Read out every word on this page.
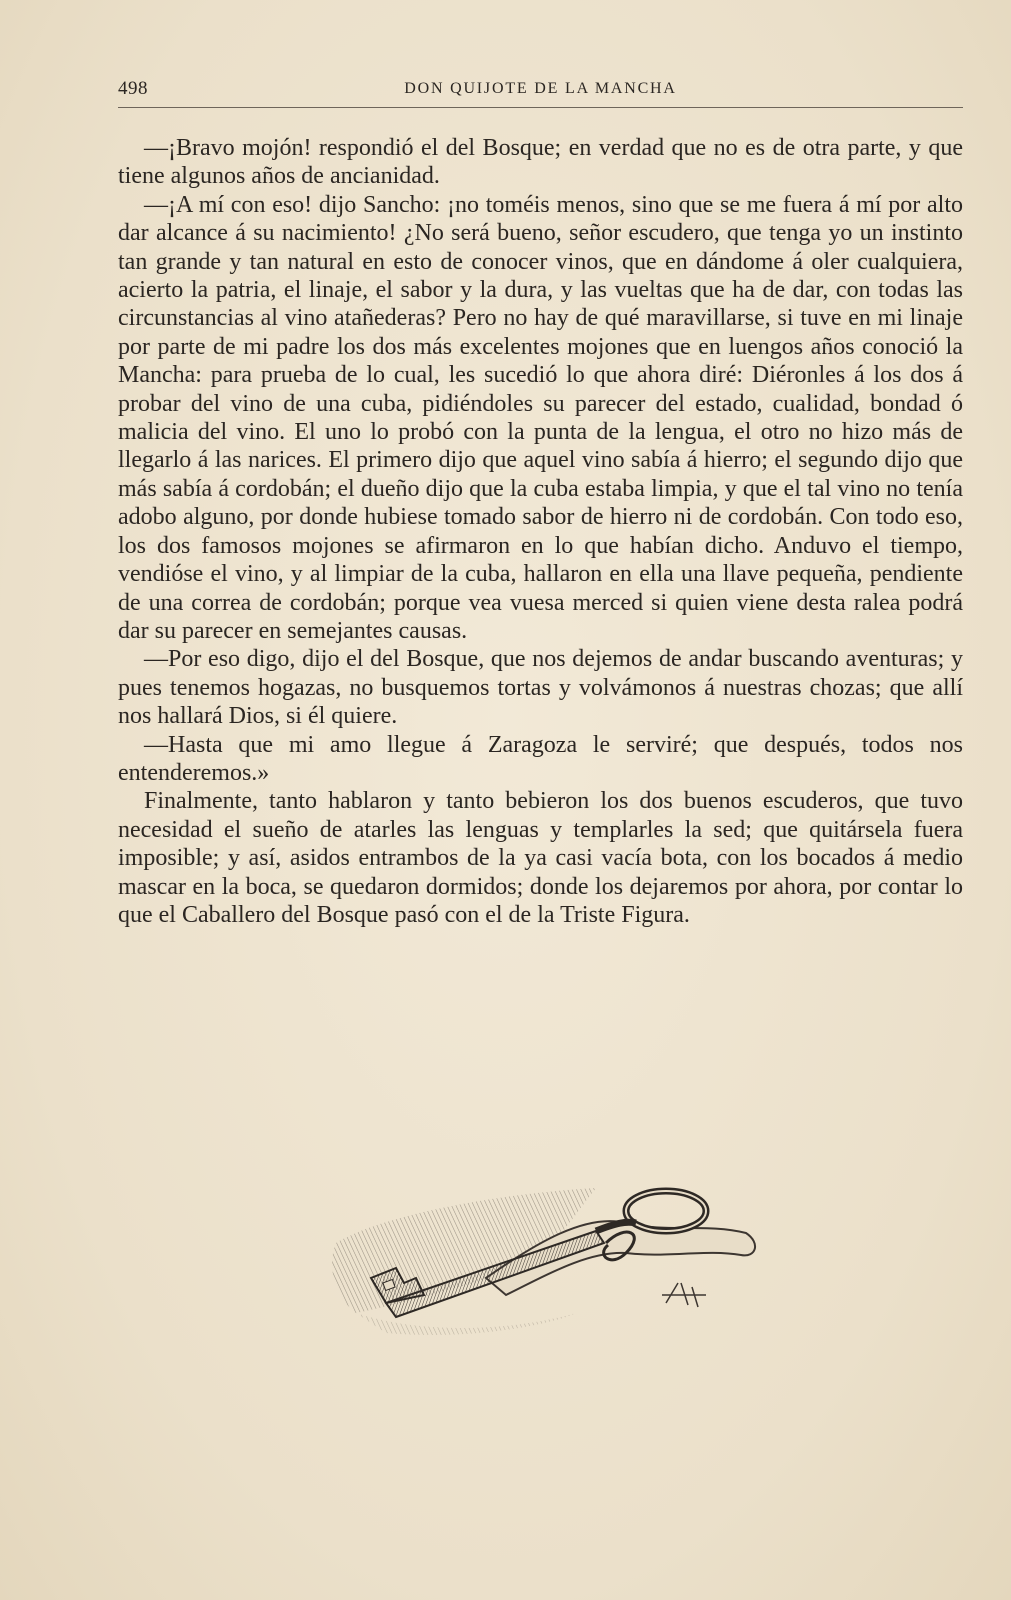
498	DON QUIJOTE DE LA MANCHA

—¡Bravo mojón! respondió el del Bosque; en verdad que no es de otra parte, y que tiene algunos años de ancianidad.

—¡A mí con eso! dijo Sancho: ¡no toméis menos, sino que se me fuera á mí por alto dar alcance á su nacimiento! ¿No será bueno, señor escudero, que tenga yo un instinto tan grande y tan natural en esto de conocer vinos, que en dándome á oler cualquiera, acierto la patria, el linaje, el sabor y la dura, y las vueltas que ha de dar, con todas las circunstancias al vino atañederas? Pero no hay de qué maravillarse, si tuve en mi linaje por parte de mi padre los dos más excelentes mojones que en luengos años conoció la Mancha: para prueba de lo cual, les sucedió lo que ahora diré: Diéronles á los dos á probar del vino de una cuba, pidiéndoles su parecer del estado, cualidad, bondad ó malicia del vino. El uno lo probó con la punta de la lengua, el otro no hizo más de llegarlo á las narices. El primero dijo que aquel vino sabía á hierro; el segundo dijo que más sabía á cordobán; el dueño dijo que la cuba estaba limpia, y que el tal vino no tenía adobo alguno, por donde hubiese tomado sabor de hierro ni de cordobán. Con todo eso, los dos famosos mojones se afirmaron en lo que habían dicho. Anduvo el tiempo, vendióse el vino, y al limpiar de la cuba, hallaron en ella una llave pequeña, pendiente de una correa de cordobán; porque vea vuesa merced si quien viene desta ralea podrá dar su parecer en semejantes causas.

—Por eso digo, dijo el del Bosque, que nos dejemos de andar buscando aventuras; y pues tenemos hogazas, no busquemos tortas y volvámonos á nuestras chozas; que allí nos hallará Dios, si él quiere.

—Hasta que mi amo llegue á Zaragoza le serviré; que después, todos nos entenderemos.»

Finalmente, tanto hablaron y tanto bebieron los dos buenos escuderos, que tuvo necesidad el sueño de atarles las lenguas y templarles la sed; que quitársela fuera imposible; y así, asidos entrambos de la ya casi vacía bota, con los bocados á medio mascar en la boca, se quedaron dormidos; donde los dejaremos por ahora, por contar lo que el Caballero del Bosque pasó con el de la Triste Figura.
